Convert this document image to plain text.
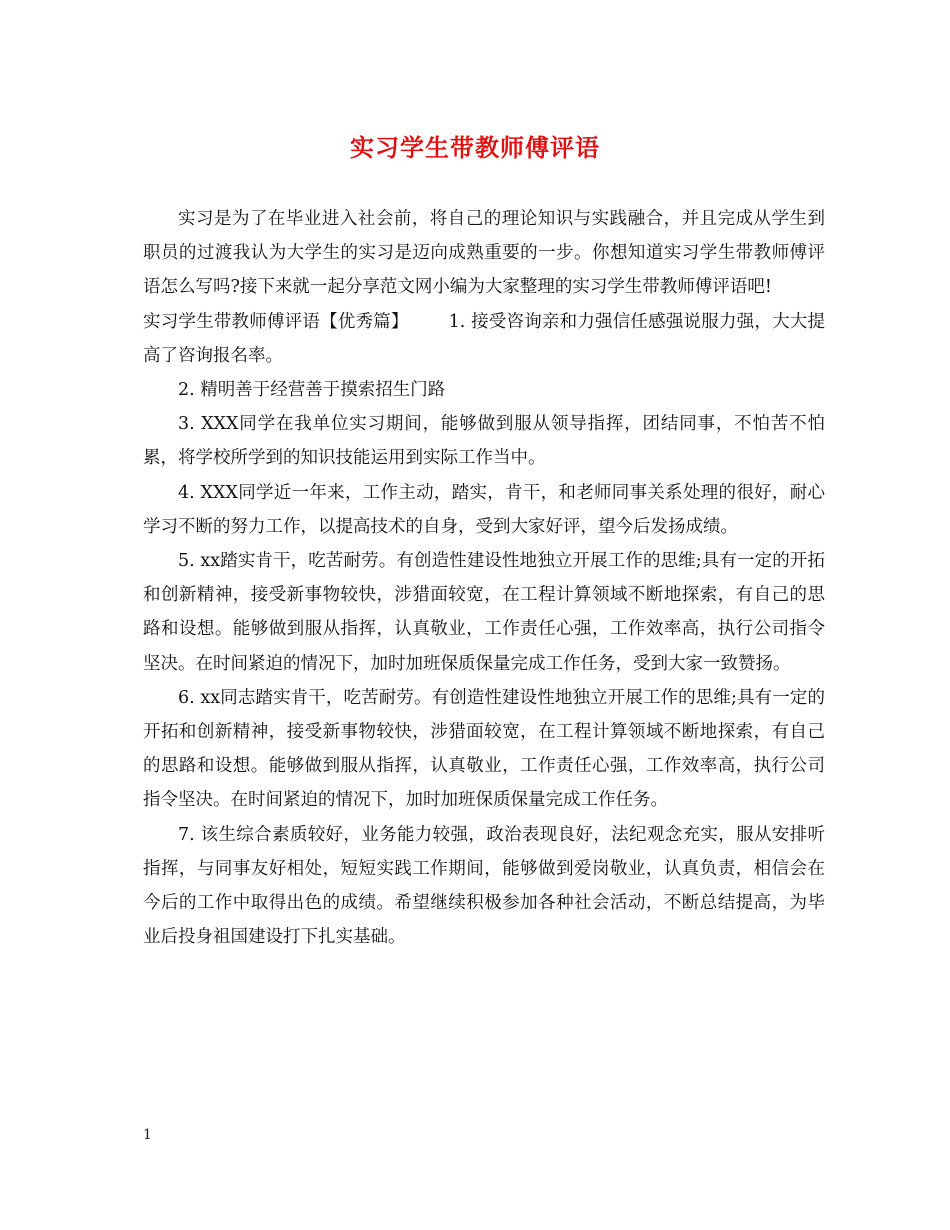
实习学生带教师傅评语

实习是为了在毕业进入社会前，将自己的理论知识与实践融合，并且完成从学生到职员的过渡我认为大学生的实习是迈向成熟重要的一步。你想知道实习学生带教师傅评语怎么写吗?接下来就一起分享范文网小编为大家整理的实习学生带教师傅评语吧!

实习学生带教师傅评语【优秀篇】 1. 接受咨询亲和力强信任感强说服力强，大大提高了咨询报名率。

2. 精明善于经营善于摸索招生门路

3. XXX同学在我单位实习期间，能够做到服从领导指挥，团结同事，不怕苦不怕累，将学校所学到的知识技能运用到实际工作当中。

4. XXX同学近一年来，工作主动，踏实，肯干，和老师同事关系处理的很好，耐心学习不断的努力工作，以提高技术的自身，受到大家好评，望今后发扬成绩。

5. xx踏实肯干，吃苦耐劳。有创造性建设性地独立开展工作的思维;具有一定的开拓和创新精神，接受新事物较快，涉猎面较宽，在工程计算领域不断地探索，有自己的思路和设想。能够做到服从指挥，认真敬业，工作责任心强，工作效率高，执行公司指令坚决。在时间紧迫的情况下，加时加班保质保量完成工作任务，受到大家一致赞扬。

6. xx同志踏实肯干，吃苦耐劳。有创造性建设性地独立开展工作的思维;具有一定的开拓和创新精神，接受新事物较快，涉猎面较宽，在工程计算领域不断地探索，有自己的思路和设想。能够做到服从指挥，认真敬业，工作责任心强，工作效率高，执行公司指令坚决。在时间紧迫的情况下，加时加班保质保量完成工作任务。

7. 该生综合素质较好，业务能力较强，政治表现良好，法纪观念充实，服从安排听指挥，与同事友好相处，短短实践工作期间，能够做到爱岗敬业，认真负责，相信会在今后的工作中取得出色的成绩。希望继续积极参加各种社会活动，不断总结提高，为毕业后投身祖国建设打下扎实基础。

1
